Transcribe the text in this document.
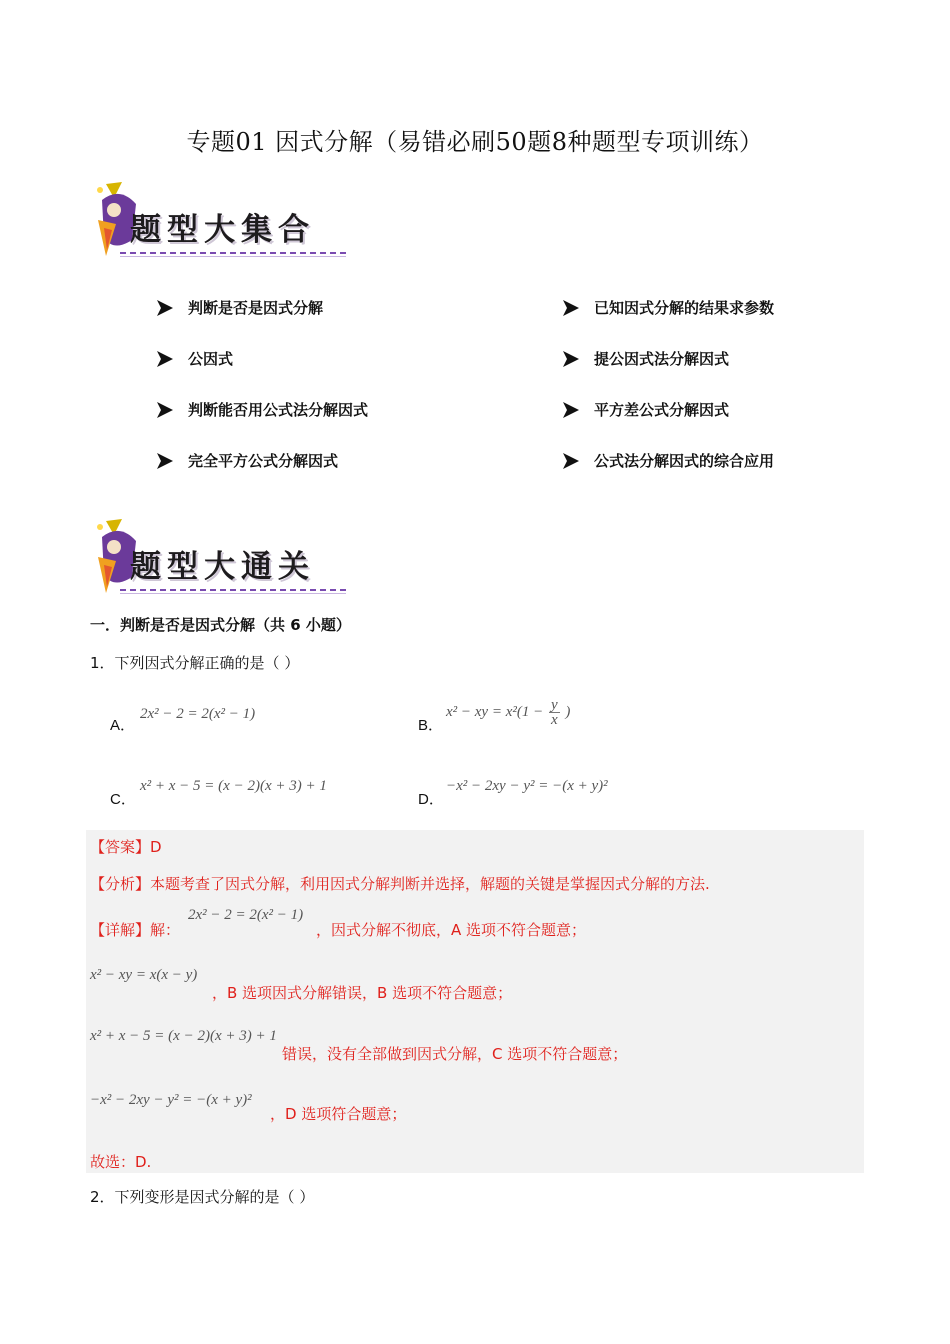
专题01 因式分解（易错必刷50题8种题型专项训练）
题型大集合
判断是否是因式分解	已知因式分解的结果求参数
公因式	提公因式法分解因式
判断能否用公式法分解因式	平方差公式分解因式
完全平方公式分解因式	公式法分解因式的综合应用
题型大通关
一．判断是否是因式分解（共 6 小题）
1．下列因式分解正确的是（ ）
A．
2x² − 2 = 2(x² − 1)
B．
x² − xy = $x^2(1 - \frac{y}{x}$ )
C．
x² + x − 5 = (x − 2)(x + 3) + 1
D．
−x² − 2xy − y² = −(x + y)²
【答案】D
【分析】本题考查了因式分解，利用因式分解判断并选择，解题的关键是掌握因式分解的方法.
【详解】解：
2x² − 2 = 2(x² − 1)
，因式分解不彻底，A 选项不符合题意；
x² − xy = x(x − y)
，B 选项因式分解错误，B 选项不符合题意；
x² + x − 5 = (x − 2)(x + 3) + 1
错误，没有全部做到因式分解，C 选项不符合题意；
−x² − 2xy − y² = −(x + y)²
，D 选项符合题意；
故选：D.
2．下列变形是因式分解的是（ ）
